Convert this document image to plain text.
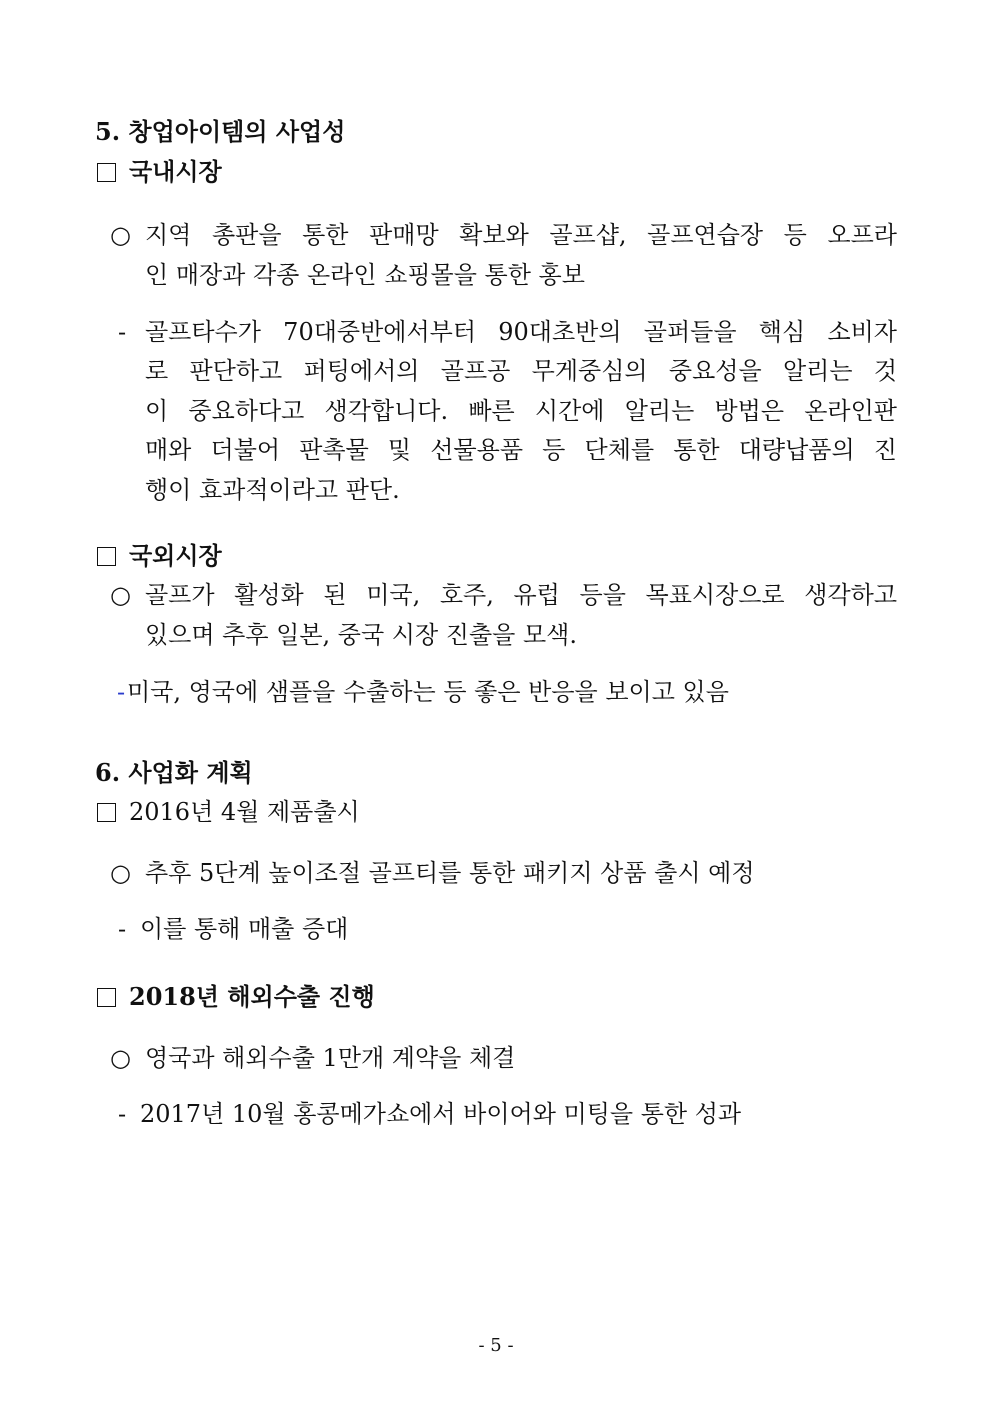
5. 창업아이템의 사업성
국내시장
○ 지역 총판을 통한 판매망 확보와 골프샵, 골프연습장 등 오프라
인 매장과 각종 온라인 쇼핑몰을 통한 홍보
- 골프타수가 70대중반에서부터 90대초반의 골퍼들을 핵심 소비자
로 판단하고 퍼팅에서의 골프공 무게중심의 중요성을 알리는 것
이 중요하다고 생각합니다. 빠른 시간에 알리는 방법은 온라인판
매와 더불어 판촉물 및 선물용품 등 단체를 통한 대량납품의 진
행이 효과적이라고 판단.
국외시장
○ 골프가 활성화 된 미국, 호주, 유럽 등을 목표시장으로 생각하고
있으며 추후 일본, 중국 시장 진출을 모색.
- 미국, 영국에 샘플을 수출하는 등 좋은 반응을 보이고 있음
6. 사업화 계획
2016년 4월 제품출시
○ 추후 5단계 높이조절 골프티를 통한 패키지 상품 출시 예정
- 이를 통해 매출 증대
2018년 해외수출 진행
○ 영국과 해외수출 1만개 계약을 체결
- 2017년 10월 홍콩메가쇼에서 바이어와 미팅을 통한 성과
- 5 -
